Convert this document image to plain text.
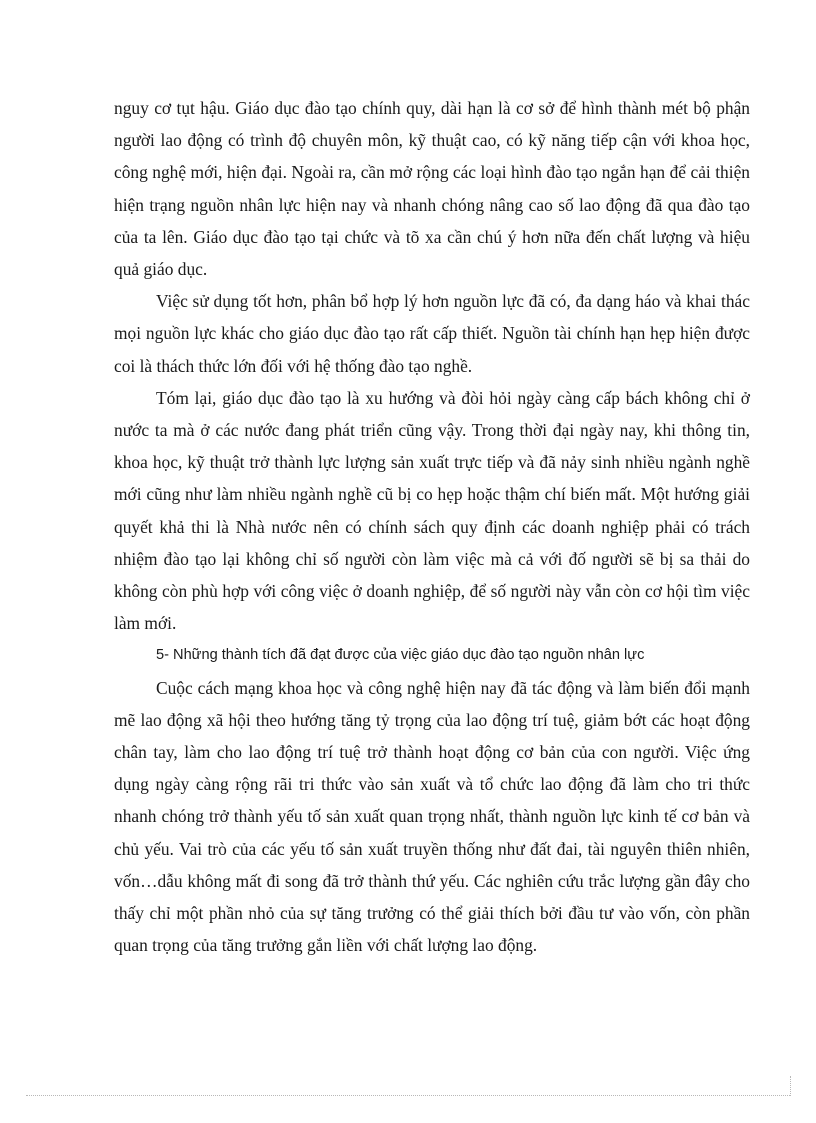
nguy cơ tụt hậu. Giáo dục đào tạo chính quy, dài hạn là cơ sở để hình thành mét bộ phận người lao động có trình độ chuyên môn, kỹ thuật cao, có kỹ năng tiếp cận với khoa học, công nghệ mới, hiện đại. Ngoài ra, cần mở rộng các loại hình đào tạo ngắn hạn để cải thiện hiện trạng nguồn nhân lực hiện nay và nhanh chóng nâng cao số lao động đã qua đào tạo của ta lên. Giáo dục đào tạo tại chức và tõ xa cần chú ý hơn nữa đến chất lượng và hiệu quả giáo dục.

Việc sử dụng tốt hơn, phân bổ hợp lý hơn nguồn lực đã có, đa dạng háo và khai thác mọi nguồn lực khác cho giáo dục đào tạo rất cấp thiết. Nguồn tài chính hạn hẹp hiện được coi là thách thức lớn đối với hệ thống đào tạo nghề.

Tóm lại, giáo dục đào tạo là xu hướng và đòi hỏi ngày càng cấp bách không chỉ ở nước ta mà ở các nước đang phát triển cũng vậy. Trong thời đại ngày nay, khi thông tin, khoa học, kỹ thuật trở thành lực lượng sản xuất trực tiếp và đã nảy sinh nhiều ngành nghề mới cũng như làm nhiều ngành nghề cũ bị co hẹp hoặc thậm chí biến mất. Một hướng giải quyết khả thi là Nhà nước nên có chính sách quy định các doanh nghiệp phải có trách nhiệm đào tạo lại không chỉ số người còn làm việc mà cả với đố người sẽ bị sa thải do không còn phù hợp với công việc ở doanh nghiệp, để số người này vẫn còn cơ hội tìm việc làm mới.

5- Những thành tích đã đạt được của việc giáo dục đào tạo nguồn nhân lực

Cuộc cách mạng khoa học và công nghệ hiện nay đã tác động và làm biến đổi mạnh mẽ lao động xã hội theo hướng tăng tỷ trọng của lao động trí tuệ, giảm bớt các hoạt động chân tay, làm cho lao động trí tuệ trở thành hoạt động cơ bản của con người. Việc ứng dụng ngày càng rộng rãi tri thức vào sản xuất và tổ chức lao động đã làm cho tri thức nhanh chóng trở thành yếu tố sản xuất quan trọng nhất, thành nguồn lực kinh tế cơ bản và chủ yếu. Vai trò của các yếu tố sản xuất truyền thống như đất đai, tài nguyên thiên nhiên, vốn…dẫu không mất đi song đã trở thành thứ yếu. Các nghiên cứu trắc lượng gần đây cho thấy chỉ một phần nhỏ của sự tăng trưởng có thể giải thích bởi đầu tư vào vốn, còn phần quan trọng của tăng trưởng gắn liền với chất lượng lao động.
